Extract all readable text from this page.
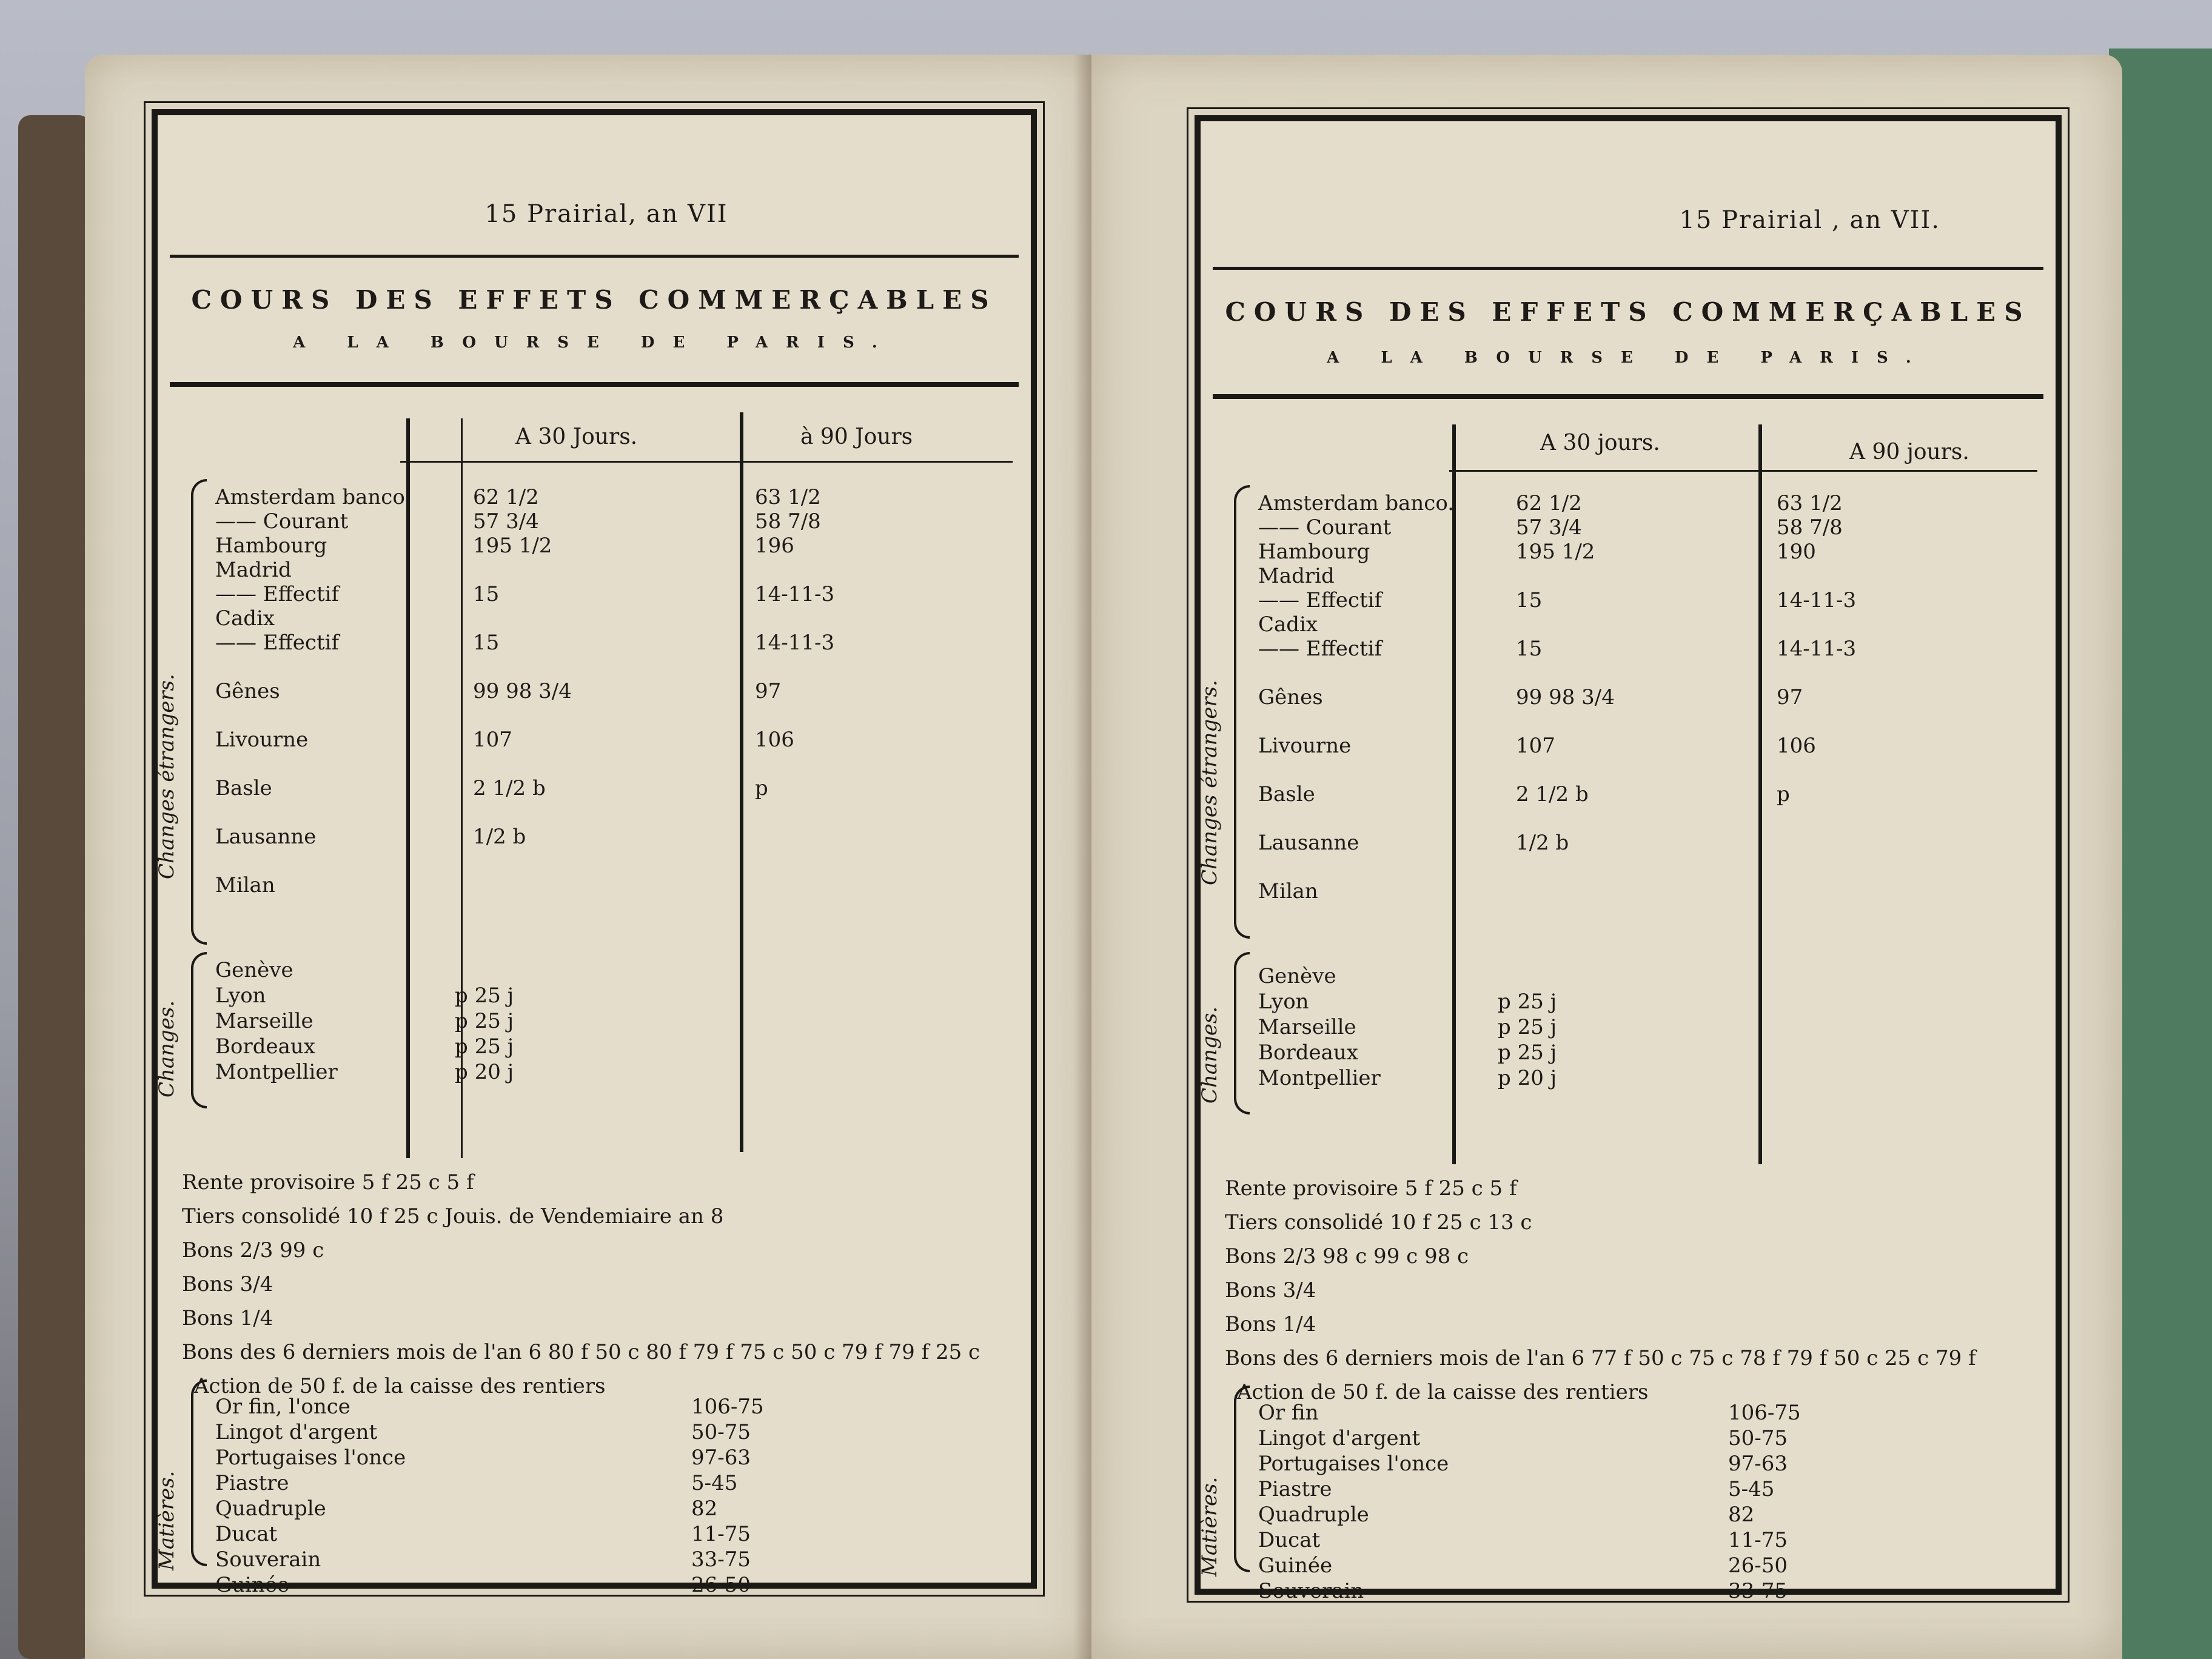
15 Prairial, an VII
COURS DES EFFETS COMMERÇABLES
A LA BOURSE DE PARIS.
A 30 Jours.	à 90 Jours
Changes étrangers.
Amsterdam banco.	62 1/2	63 1/2
—— Courant	57 3/4	58 7/8
Hambourg	195 1/2	196
Madrid
—— Effectif	15	14-11-3
Cadix
—— Effectif	15	14-11-3
Gênes	99 98 3/4	97
Livourne	107	106
Basle	2 1/2 b	p
Lausanne	1/2 b
Milan
Changes.
Genève
Lyon	p 25 j
Marseille	p 25 j
Bordeaux	p 25 j
Montpellier	p 20 j
Rente provisoire 5 f 25 c 5 f
Tiers consolidé 10 f 25 c Jouis. de Vendemiaire an 8
Bons 2/3 99 c
Bons 3/4
Bons 1/4
Bons des 6 derniers mois de l'an 6 80 f 50 c 80 f 79 f 75 c 50 c 79 f 79 f 25 c
Action de 50 f. de la caisse des rentiers
Matières.
Or fin, l'once	106-75
Lingot d'argent	50-75
Portugaises l'once	97-63
Piastre	5-45
Quadruple	82
Ducat	11-75
Souverain	33-75
Guinée	26-50
15 Prairial , an VII.
COURS DES EFFETS COMMERÇABLES
A LA BOURSE DE PARIS.
A 30 jours.	A 90 jours.
Changes étrangers.
Amsterdam banco.	62 1/2	63 1/2
—— Courant	57 3/4	58 7/8
Hambourg	195 1/2	190
Madrid
—— Effectif	15	14-11-3
Cadix
—— Effectif	15	14-11-3
Gênes	99 98 3/4	97
Livourne	107	106
Basle	2 1/2 b	p
Lausanne	1/2 b
Milan
Changes.
Genève
Lyon	p 25 j
Marseille	p 25 j
Bordeaux	p 25 j
Montpellier	p 20 j
Rente provisoire 5 f 25 c 5 f
Tiers consolidé 10 f 25 c 13 c
Bons 2/3 98 c 99 c 98 c
Bons 3/4
Bons 1/4
Bons des 6 derniers mois de l'an 6 77 f 50 c 75 c 78 f 79 f 50 c 25 c 79 f
Action de 50 f. de la caisse des rentiers
Matières.
Or fin	106-75
Lingot d'argent	50-75
Portugaises l'once	97-63
Piastre	5-45
Quadruple	82
Ducat	11-75
Guinée	26-50
Souverain	33-75
